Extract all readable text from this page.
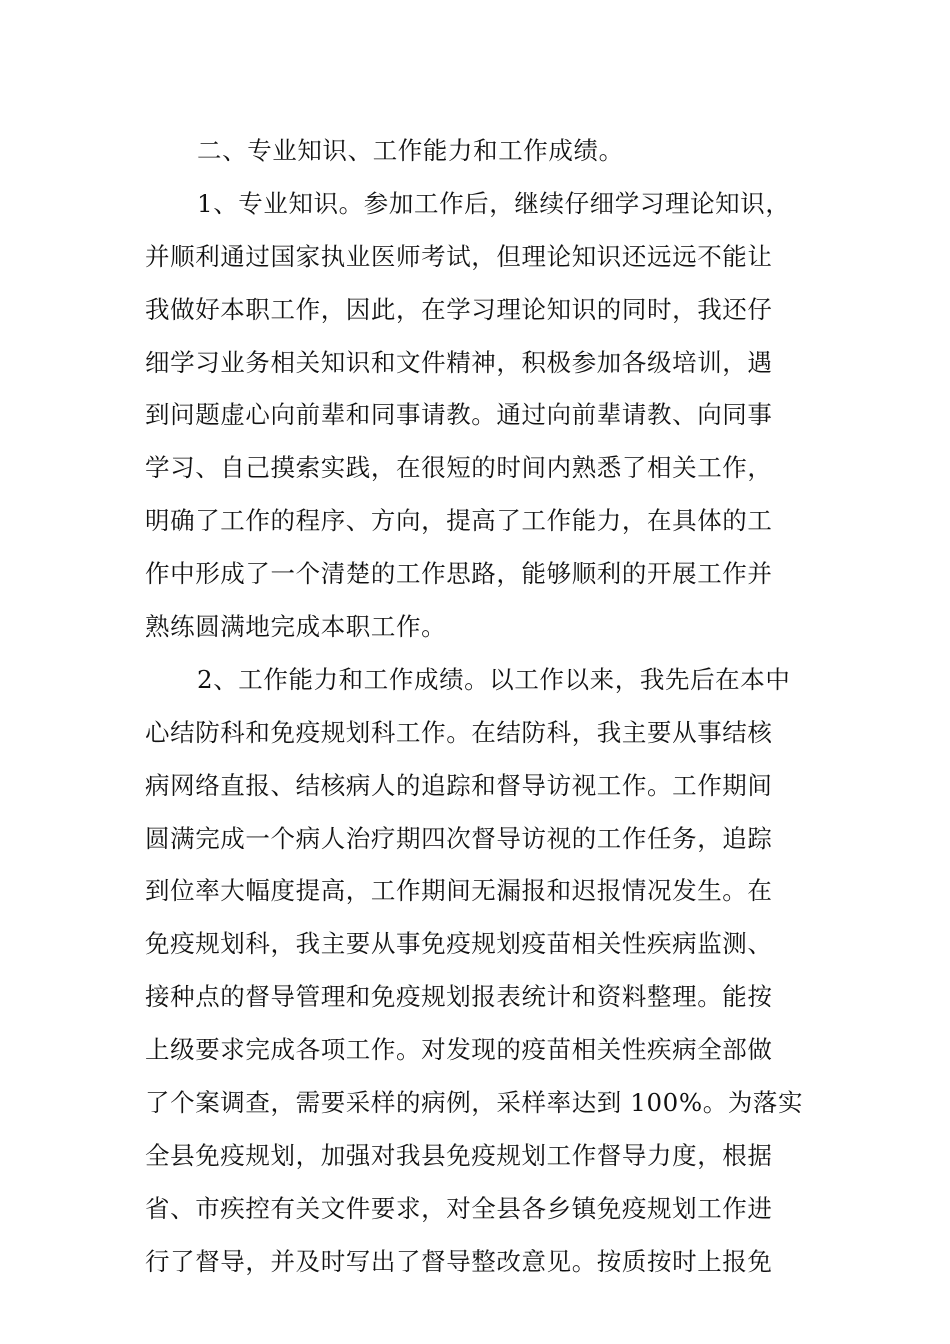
二、专业知识、工作能力和工作成绩。
1、专业知识。参加工作后，继续仔细学习理论知识，
并顺利通过国家执业医师考试，但理论知识还远远不能让
我做好本职工作，因此，在学习理论知识的同时，我还仔
细学习业务相关知识和文件精神，积极参加各级培训，遇
到问题虚心向前辈和同事请教。通过向前辈请教、向同事
学习、自己摸索实践，在很短的时间内熟悉了相关工作，
明确了工作的程序、方向，提高了工作能力，在具体的工
作中形成了一个清楚的工作思路，能够顺利的开展工作并
熟练圆满地完成本职工作。
2、工作能力和工作成绩。以工作以来，我先后在本中
心结防科和免疫规划科工作。在结防科，我主要从事结核
病网络直报、结核病人的追踪和督导访视工作。工作期间
圆满完成一个病人治疗期四次督导访视的工作任务，追踪
到位率大幅度提高，工作期间无漏报和迟报情况发生。在
免疫规划科，我主要从事免疫规划疫苗相关性疾病监测、
接种点的督导管理和免疫规划报表统计和资料整理。能按
上级要求完成各项工作。对发现的疫苗相关性疾病全部做
了个案调查，需要采样的病例，采样率达到 100%。为落实
全县免疫规划，加强对我县免疫规划工作督导力度，根据
省、市疾控有关文件要求，对全县各乡镇免疫规划工作进
行了督导，并及时写出了督导整改意见。按质按时上报免
